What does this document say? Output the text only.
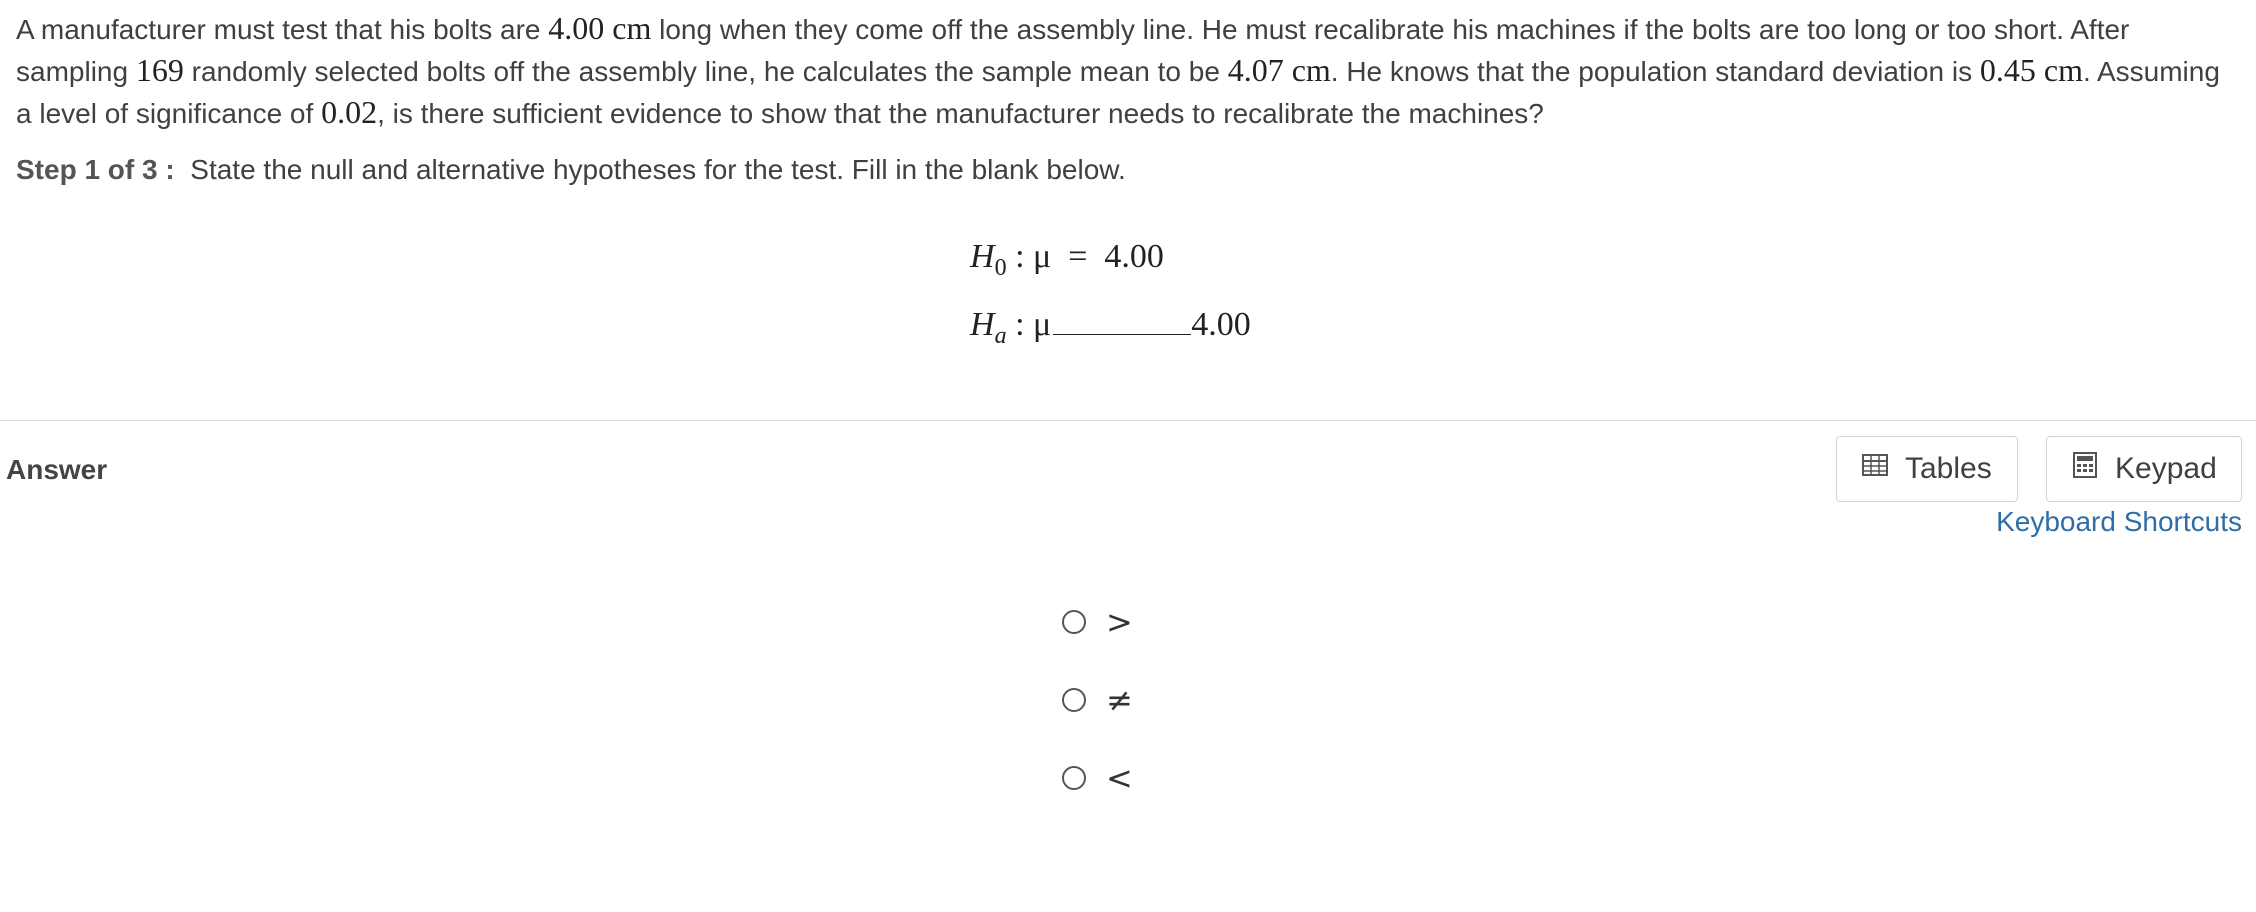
A manufacturer must test that his bolts are 4.00 cm long when they come off the assembly line. He must recalibrate his machines if the bolts are too long or too short. After sampling 169 randomly selected bolts off the assembly line, he calculates the sample mean to be 4.07 cm. He knows that the population standard deviation is 0.45 cm. Assuming a level of significance of 0.02, is there sufficient evidence to show that the manufacturer needs to recalibrate the machines?
Step 1 of 3 : State the null and alternative hypotheses for the test. Fill in the blank below.
$H_0$ : μ  =  4.00
$H_a$ : μ	4.00
Answer	Tables	Keypad
Keyboard Shortcuts
>
≠
<
